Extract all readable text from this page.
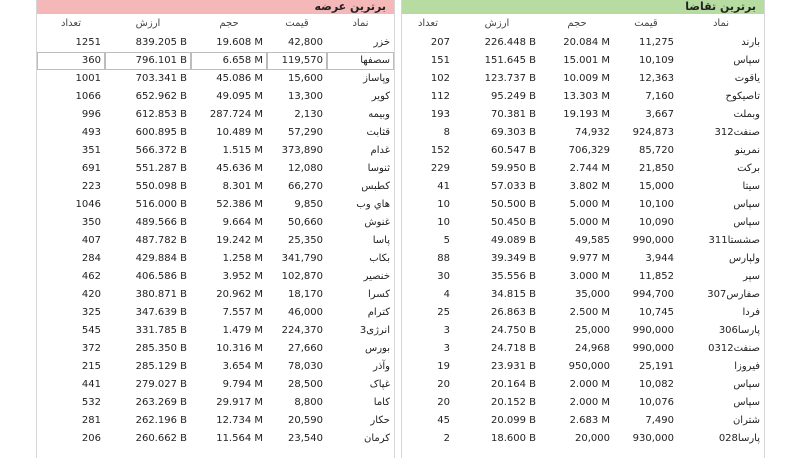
برترین عرضه
تعداد	ارزش	حجم	قیمت	نماد
1251	839.205 B	19.608 M	42,800	خزر
360	796.101 B	6.658 M	119,570	سصفها
1001	703.341 B	45.086 M	15,600	وپاساز
1066	652.962 B	49.095 M	13,300	کویر
996	612.853 B	287.724 M	2,130	وبیمه
493	600.895 B	10.489 M	57,290	قثابت
351	566.372 B	1.515 M	373,890	غدام
691	551.287 B	45.636 M	12,080	ثنوسا
223	550.098 B	8.301 M	66,270	کطبس
1046	516.000 B	52.386 M	9,850	هاي وب
350	489.566 B	9.664 M	50,660	غنوش
407	487.782 B	19.242 M	25,350	پاسا
284	429.884 B	1.258 M	341,790	بکاب
462	406.586 B	3.952 M	102,870	خنصیر
420	380.871 B	20.962 M	18,170	کسرا
325	347.639 B	7.557 M	46,000	کترام
545	331.785 B	1.479 M	224,370	انرژی3
372	285.350 B	10.316 M	27,660	بورس
215	285.129 B	3.654 M	78,030	وآذر
441	279.027 B	9.794 M	28,500	غپاک
532	263.269 B	29.917 M	8,800	کاما
281	262.196 B	12.734 M	20,590	حکار
206	260.662 B	11.564 M	23,540	کرمان
برترین تقاضا
تعداد	ارزش	حجم	قیمت	نماد
207	226.448 B	20.084 M	11,275	بارند
151	151.645 B	15.001 M	10,109	سپاس
102	123.737 B	10.009 M	12,363	یاقوت
112	95.249 B	13.303 M	7,160	تاصیکوح
193	70.381 B	19.193 M	3,667	وبملت
8	69.303 B	74,932	924,873	صنفت312
152	60.547 B	706,329	85,720	نمرینو
229	59.950 B	2.744 M	21,850	برکت
41	57.033 B	3.802 M	15,000	سیتا
10	50.500 B	5.000 M	10,100	سپاس
10	50.450 B	5.000 M	10,090	سپاس
5	49.089 B	49,585	990,000	صشستا311
88	39.349 B	9.977 M	3,944	ولپارس
30	35.556 B	3.000 M	11,852	سپر
4	34.815 B	35,000	994,700	صفارس307
25	26.863 B	2.500 M	10,745	فردا
3	24.750 B	25,000	990,000	پارسا306
3	24.718 B	24,968	990,000	صنفت0312
19	23.931 B	950,000	25,191	فیروزا
20	20.164 B	2.000 M	10,082	سپاس
20	20.152 B	2.000 M	10,076	سپاس
45	20.099 B	2.683 M	7,490	شتران
2	18.600 B	20,000	930,000	پارسا028
